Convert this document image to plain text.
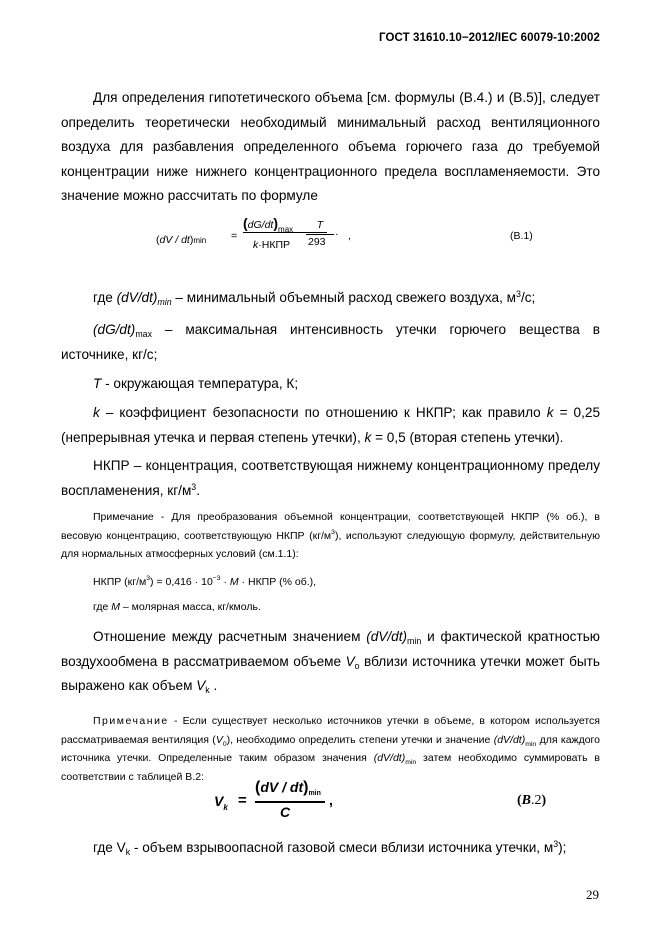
ГОСТ 31610.10−2012/IEC 60079-10:2002
Для определения гипотетического объема [см. формулы (В.4.) и (В.5)], следует определить теоретически необходимый минимальный расход вентиляционного воздуха для разбавления определенного объема горючего газа до требуемой концентрации ниже нижнего концентрационного предела воспламеняемости. Это значение можно рассчитать по формуле
(dV / dt)min =
$(dG/dt)_{max}$
k·НКПР
·
T
293 ,	(B.1)
где $(dV/dt)_{min}$ – минимальный объемный расход свежего воздуха, $м^3/с$;
$(dG/dt)_{max}$ – максимальная интенсивность утечки горючего вещества в источнике, кг/с;
T - окружающая температура, К;
k – коэффициент безопасности по отношению к НКПР; как правило k = 0,25 (непрерывная утечка и первая степень утечки), k = 0,5 (вторая степень утечки).
НКПР – концентрация, соответствующая нижнему концентрационному пределу воспламенения, $кг/м^3$.
Примечание - Для преобразования объемной концентрации, соответствующей НКПР (% об.), в весовую концентрацию, соответствующую НКПР $(кг/м^3)$, используют следующую формулу, действительную для нормальных атмосферных условий (см.1.1):
НКПР $(кг/м^3) = 0,416 \cdot 10^{-3} \cdot M$ · НКПР (% об.),
где M – молярная масса, кг/кмоль.
Отношение между расчетным значением $(dV/dt)_{min}$ и фактической кратностью воздухообмена в рассматриваемом объеме $V_o$ вблизи источника утечки может быть выражено как объем $V_k$ .
Примечание - Если существует несколько источников утечки в объеме, в котором используется рассматриваемая вентиляция $(V_0)$, необходимо определить степени утечки и значение $(dV/dt)_{min}$ для каждого источника утечки. Определенные таким образом значения $(dV/dt)_{min}$ затем необходимо суммировать в соответствии с таблицей В.2:
$V_k$ =
(dV / dt)min
C
,	(B.2)
где $V_k$ - объем взрывоопасной газовой смеси вблизи источника утечки, $м^3$);
29
